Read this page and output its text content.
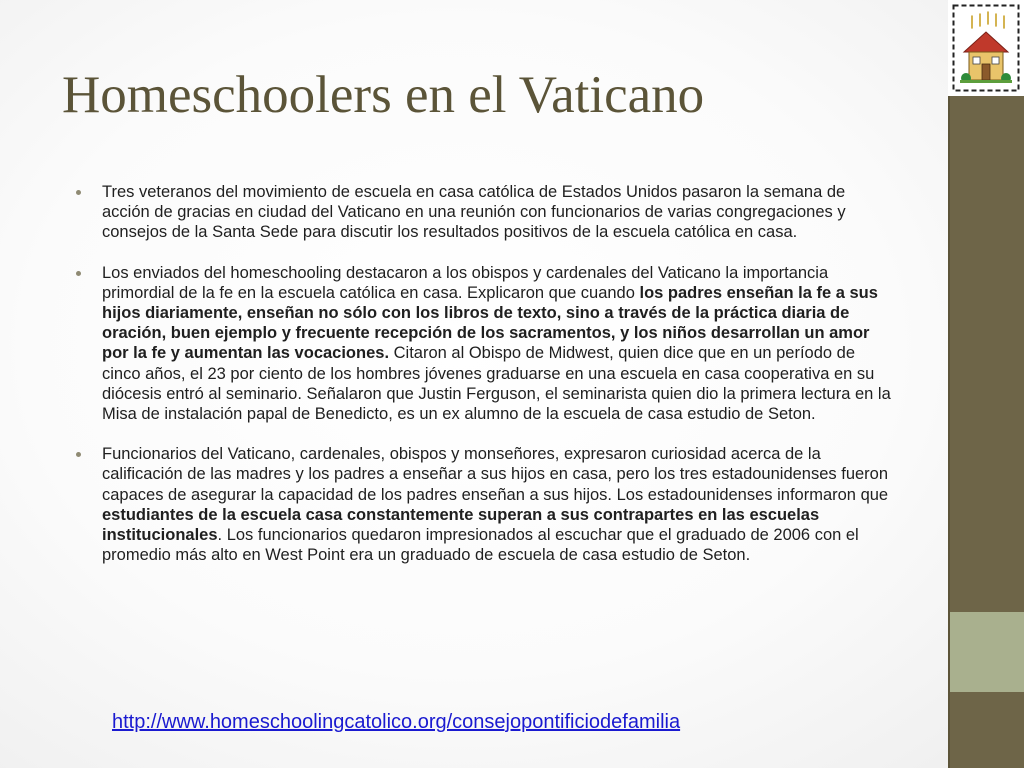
Homeschoolers en el Vaticano
Tres veteranos del movimiento de escuela en casa católica de Estados Unidos pasaron la semana de acción de gracias en ciudad del Vaticano en una reunión con funcionarios de varias congregaciones y consejos de la Santa Sede para discutir los resultados positivos de la escuela católica en casa.
Los enviados del homeschooling destacaron a los obispos y cardenales del Vaticano la importancia primordial de la fe en la escuela católica en casa. Explicaron que cuando los padres enseñan la fe a sus hijos diariamente, enseñan no sólo con los libros de texto, sino a través de la práctica diaria de oración, buen ejemplo y frecuente recepción de los sacramentos, y los niños desarrollan un amor por la fe y aumentan las vocaciones. Citaron al Obispo de Midwest, quien dice que en un período de cinco años, el 23 por ciento de los hombres jóvenes graduarse en una escuela en casa cooperativa en su diócesis entró al seminario. Señalaron que Justin Ferguson, el seminarista quien dio la primera lectura en la Misa de instalación papal de Benedicto, es un ex alumno de la escuela de casa estudio de Seton.
Funcionarios del Vaticano, cardenales, obispos y monseñores, expresaron curiosidad acerca de la calificación de las madres y los padres a enseñar a sus hijos en casa, pero los tres estadounidenses fueron capaces de asegurar la capacidad de los padres enseñan a sus hijos. Los estadounidenses informaron que estudiantes de la escuela casa constantemente superan a sus contrapartes en las escuelas institucionales. Los funcionarios quedaron impresionados al escuchar que el graduado de 2006 con el promedio más alto en West Point era un graduado de escuela de casa estudio de Seton.
http://www.homeschoolingcatolico.org/consejopontificiodefamilia
